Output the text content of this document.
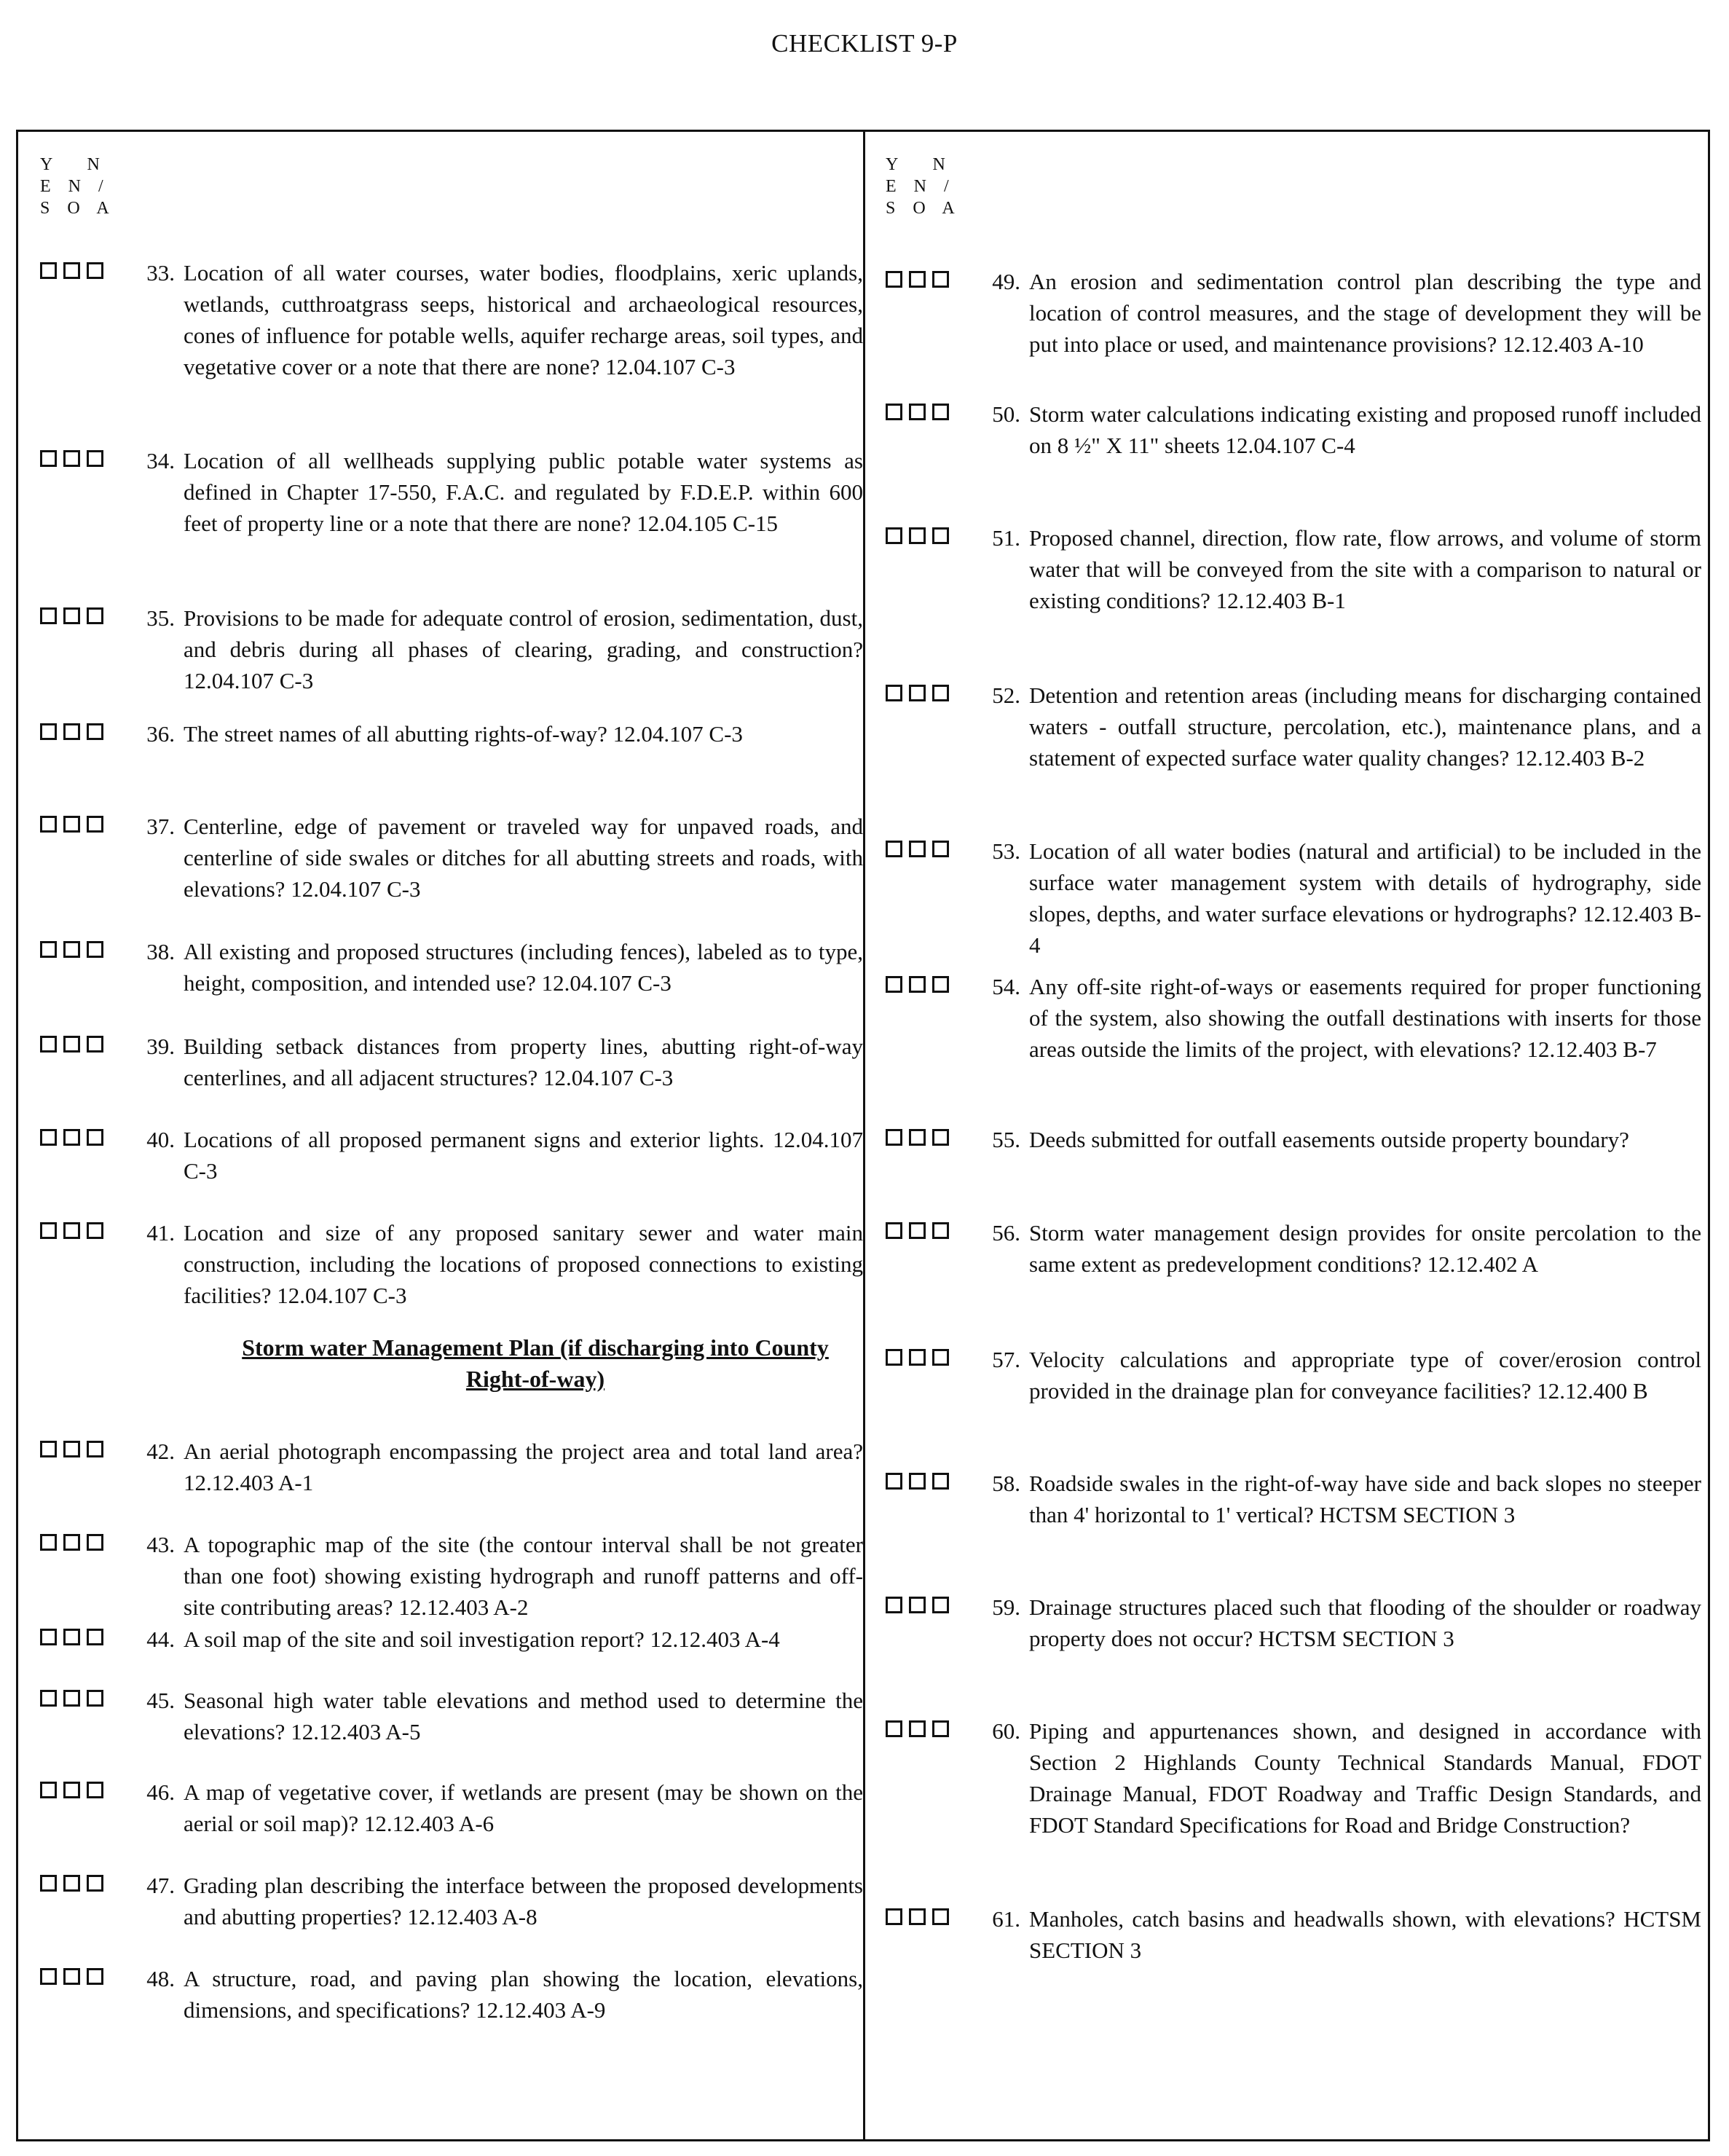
CHECKLIST 9-P
Y        N
E    N    /
S    O    A
33. Location of all water courses, water bodies, floodplains, xeric uplands, wetlands, cutthroatgrass seeps, historical and archaeological resources, cones of influence for potable wells, aquifer recharge areas, soil types, and vegetative cover or a note that there are none? 12.04.107 C-3
34. Location of all wellheads supplying public potable water systems as defined in Chapter 17-550, F.A.C. and regulated by F.D.E.P. within 600 feet of property line or a note that there are none? 12.04.105 C-15
35. Provisions to be made for adequate control of erosion, sedimentation, dust, and debris during all phases of clearing, grading, and construction? 12.04.107 C-3
36. The street names of all abutting rights-of-way? 12.04.107 C-3
37. Centerline, edge of pavement or traveled way for unpaved roads, and centerline of side swales or ditches for all abutting streets and roads, with elevations? 12.04.107 C-3
38. All existing and proposed structures (including fences), labeled as to type, height, composition, and intended use? 12.04.107 C-3
39. Building setback distances from property lines, abutting right-of-way centerlines, and all adjacent structures? 12.04.107 C-3
40. Locations of all proposed permanent signs and exterior lights. 12.04.107 C-3
41. Location and size of any proposed sanitary sewer and water main construction, including the locations of proposed connections to existing facilities? 12.04.107 C-3
42. An aerial photograph encompassing the project area and total land area? 12.12.403 A-1
43. A topographic map of the site (the contour interval shall be not greater than one foot) showing existing hydrograph and runoff patterns and off-site contributing areas? 12.12.403 A-2
44. A soil map of the site and soil investigation report? 12.12.403 A-4
45. Seasonal high water table elevations and method used to determine the elevations? 12.12.403 A-5
46. A map of vegetative cover, if wetlands are present (may be shown on the aerial or soil map)? 12.12.403 A-6
47. Grading plan describing the interface between the proposed developments and abutting properties? 12.12.403 A-8
48. A structure, road, and paving plan showing the location, elevations, dimensions, and specifications? 12.12.403 A-9
Storm water Management Plan (if discharging into County Right-of-way)
Y        N
E    N    /
S    O    A
49. An erosion and sedimentation control plan describing the type and location of control measures, and the stage of development they will be put into place or used, and maintenance provisions? 12.12.403 A-10
50. Storm water calculations indicating existing and proposed runoff included on 8 ½" X 11" sheets 12.04.107 C-4
51. Proposed channel, direction, flow rate, flow arrows, and volume of storm water that will be conveyed from the site with a comparison to natural or existing conditions? 12.12.403 B-1
52. Detention and retention areas (including means for discharging contained waters - outfall structure, percolation, etc.), maintenance plans, and a statement of expected surface water quality changes? 12.12.403 B-2
53. Location of all water bodies (natural and artificial) to be included in the surface water management system with details of hydrography, side slopes, depths, and water surface elevations or hydrographs? 12.12.403 B-4
54. Any off-site right-of-ways or easements required for proper functioning of the system, also showing the outfall destinations with inserts for those areas outside the limits of the project, with elevations? 12.12.403 B-7
55. Deeds submitted for outfall easements outside property boundary?
56. Storm water management design provides for onsite percolation to the same extent as predevelopment conditions? 12.12.402 A
57. Velocity calculations and appropriate type of cover/erosion control provided in the drainage plan for conveyance facilities? 12.12.400 B
58. Roadside swales in the right-of-way have side and back slopes no steeper than 4' horizontal to 1' vertical? HCTSM SECTION 3
59. Drainage structures placed such that flooding of the shoulder or roadway property does not occur? HCTSM SECTION 3
60. Piping and appurtenances shown, and designed in accordance with Section 2 Highlands County Technical Standards Manual, FDOT Drainage Manual, FDOT Roadway and Traffic Design Standards, and FDOT Standard Specifications for Road and Bridge Construction?
61. Manholes, catch basins and headwalls shown, with elevations? HCTSM SECTION 3
